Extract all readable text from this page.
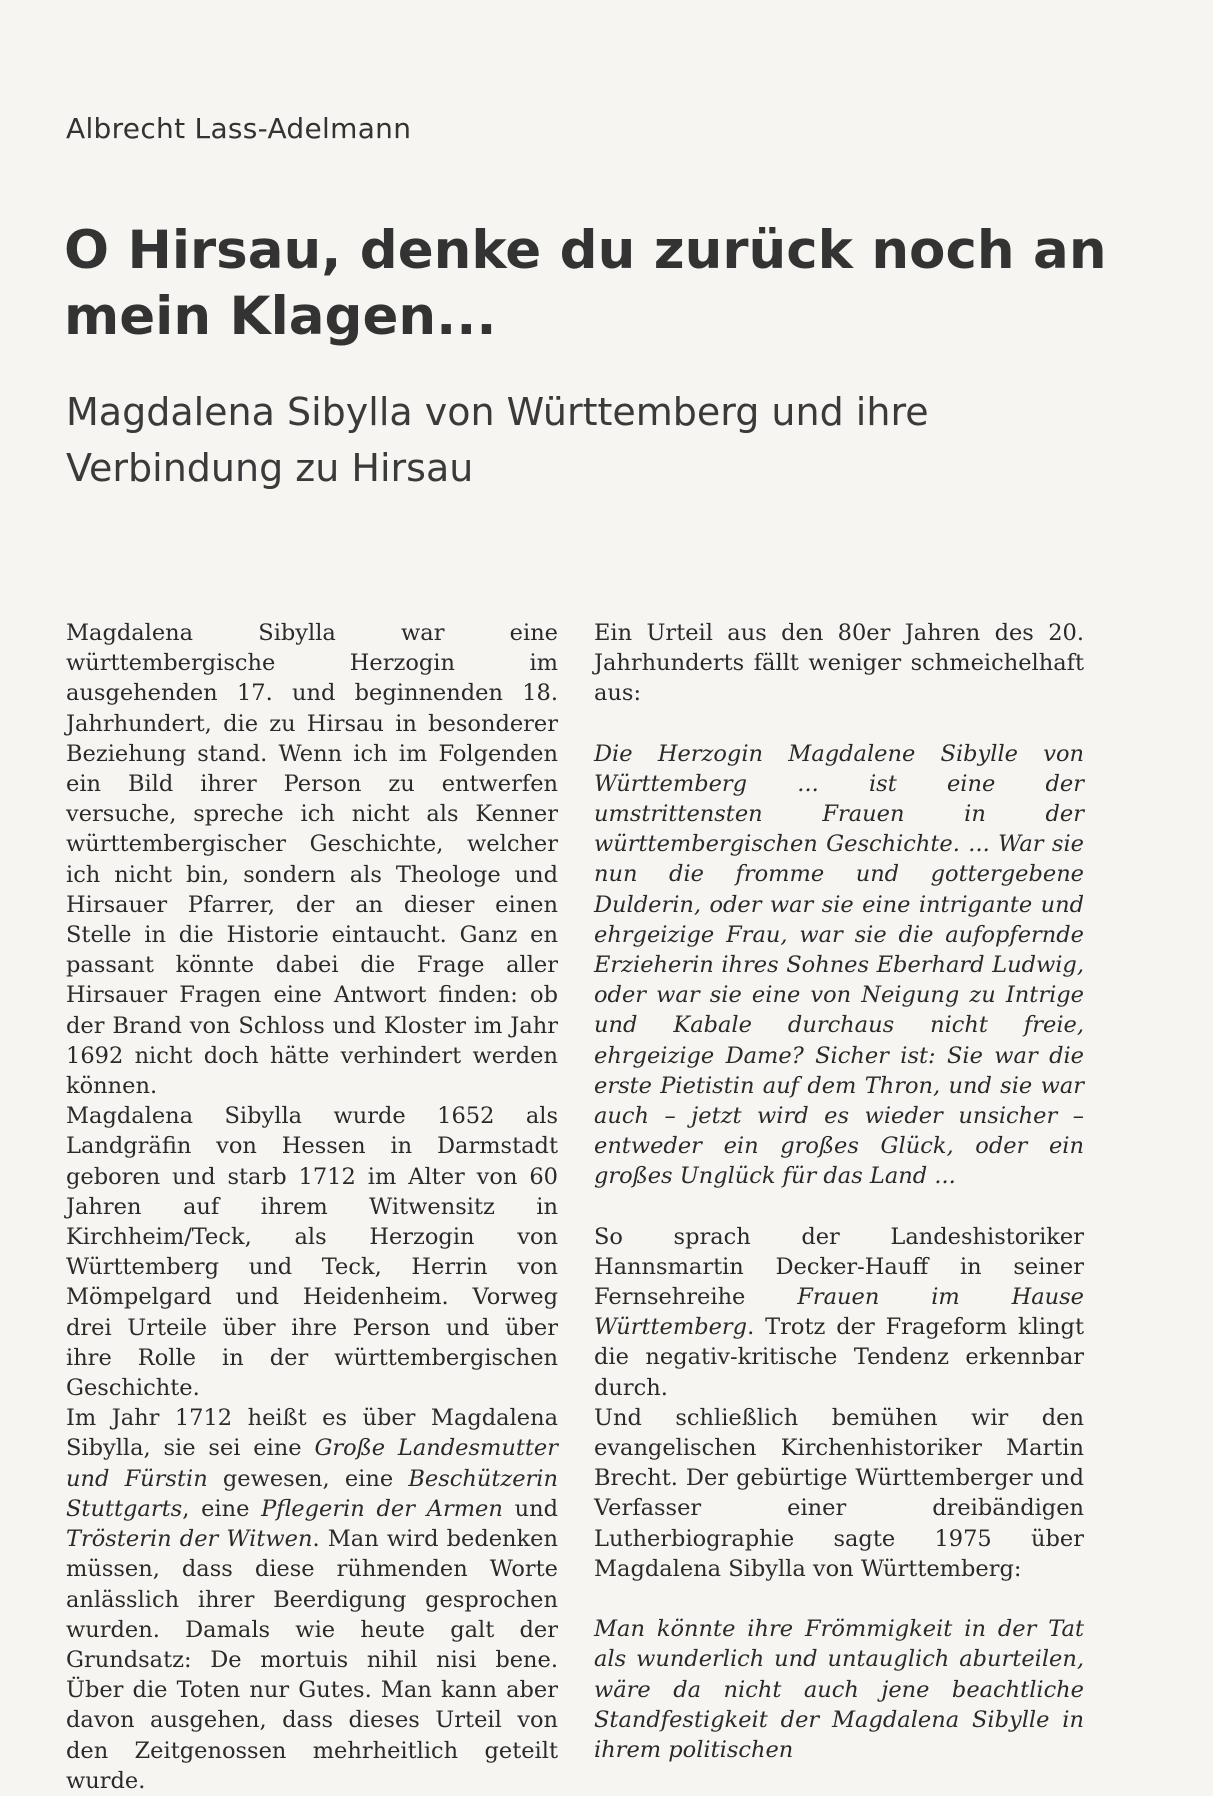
Albrecht Lass-Adelmann
O Hirsau, denke du zurück noch an
mein Klagen...
Magdalena Sibylla von Württemberg und ihre
Verbindung zu Hirsau

Magdalena Sibylla war eine württembergische Herzogin im ausgehenden 17. und beginnenden 18. Jahrhundert, die zu Hirsau in besonderer Beziehung stand. Wenn ich im Folgenden ein Bild ihrer Person zu entwerfen versuche, spreche ich nicht als Kenner württembergischer Geschichte, welcher ich nicht bin, sondern als Theologe und Hirsauer Pfarrer, der an dieser einen Stelle in die Historie eintaucht. Ganz en passant könnte dabei die Frage aller Hirsauer Fragen eine Antwort finden: ob der Brand von Schloss und Kloster im Jahr 1692 nicht doch hätte verhindert werden können.

Magdalena Sibylla wurde 1652 als Landgräfin von Hessen in Darmstadt geboren und starb 1712 im Alter von 60 Jahren auf ihrem Witwensitz in Kirchheim/Teck, als Herzogin von Württemberg und Teck, Herrin von Mömpelgard und Heidenheim. Vorweg drei Urteile über ihre Person und über ihre Rolle in der württembergischen Geschichte.

Im Jahr 1712 heißt es über Magdalena Sibylla, sie sei eine Große Landesmutter und Fürstin gewesen, eine Beschützerin Stuttgarts, eine Pflegerin der Armen und Trösterin der Witwen. Man wird bedenken müssen, dass diese rühmenden Worte anlässlich ihrer Beerdigung gesprochen wurden. Damals wie heute galt der Grundsatz: De mortuis nihil nisi bene. Über die Toten nur Gutes. Man kann aber davon ausgehen, dass dieses Urteil von den Zeitgenossen mehrheitlich geteilt wurde.

Ein Urteil aus den 80er Jahren des 20. Jahrhunderts fällt weniger schmeichelhaft aus:

Die Herzogin Magdalene Sibylle von Württemberg ... ist eine der umstrittensten Frauen in der württembergischen Geschichte. ... War sie nun die fromme und gottergebene Dulderin, oder war sie eine intrigante und ehrgeizige Frau, war sie die aufopfernde Erzieherin ihres Sohnes Eberhard Ludwig, oder war sie eine von Neigung zu Intrige und Kabale durchaus nicht freie, ehrgeizige Dame? Sicher ist: Sie war die erste Pietistin auf dem Thron, und sie war auch – jetzt wird es wieder unsicher – entweder ein großes Glück, oder ein großes Unglück für das Land ...

So sprach der Landeshistoriker Hannsmartin Decker-Hauff in seiner Fernsehreihe Frauen im Hause Württemberg. Trotz der Frageform klingt die negativ-kritische Tendenz erkennbar durch.

Und schließlich bemühen wir den evangelischen Kirchenhistoriker Martin Brecht. Der gebürtige Württemberger und Verfasser einer dreibändigen Lutherbiographie sagte 1975 über Magdalena Sibylla von Württemberg:

Man könnte ihre Frömmigkeit in der Tat als wunderlich und untauglich aburteilen, wäre da nicht auch jene beachtliche Standfestigkeit der Magdalena Sibylle in ihrem politischen
